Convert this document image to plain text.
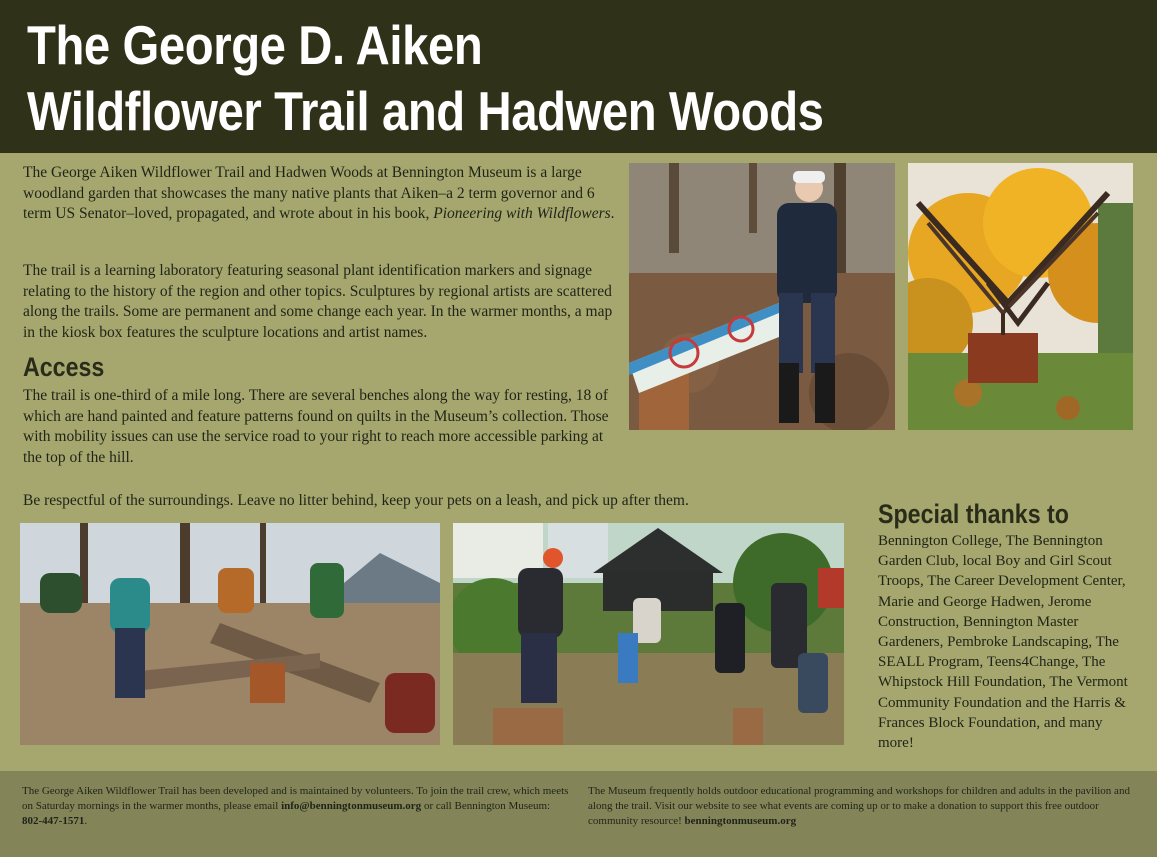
The George D. Aiken
Wildflower Trail and Hadwen Woods

The George Aiken Wildflower Trail and Hadwen Woods at Bennington Museum is a large woodland garden that showcases the many native plants that Aiken–a 2 term governor and 6 term US Senator–loved, propagated, and wrote about in his book, Pioneering with Wildflowers.

The trail is a learning laboratory featuring seasonal plant identification markers and signage relating to the history of the region and other topics. Sculptures by regional artists are scattered along the trails. Some are permanent and some change each year. In the warmer months, a map in the kiosk box features the sculpture locations and artist names.

Access

The trail is one-third of a mile long. There are several benches along the way for resting, 18 of which are hand painted and feature patterns found on quilts in the Museum’s collection. Those with mobility issues can use the service road to your right to reach more accessible parking at the top of the hill.

Be respectful of the surroundings. Leave no litter behind, keep your pets on a leash, and pick up after them.	Special thanks to

Bennington College, The Bennington Garden Club, local Boy and Girl Scout Troops, The Career Development Center, Marie and George Hadwen, Jerome Construction, Bennington Master Gardeners, Pembroke Landscaping, The SEALL Program, Teens4Change, The Whipstock Hill Foundation, The Vermont Community Foundation and the Harris & Frances Block Foundation, and many more!

The George Aiken Wildflower Trail has been developed and is maintained by volunteers. To join the trail crew, which meets on Saturday mornings in the warmer months, please email info@benningtonmuseum.org or call Bennington Museum: 802-447-1571.

The Museum frequently holds outdoor educational programming and workshops for children and adults in the pavilion and along the trail. Visit our website to see what events are coming up or to make a donation to support this free outdoor community resource! benningtonmuseum.org
